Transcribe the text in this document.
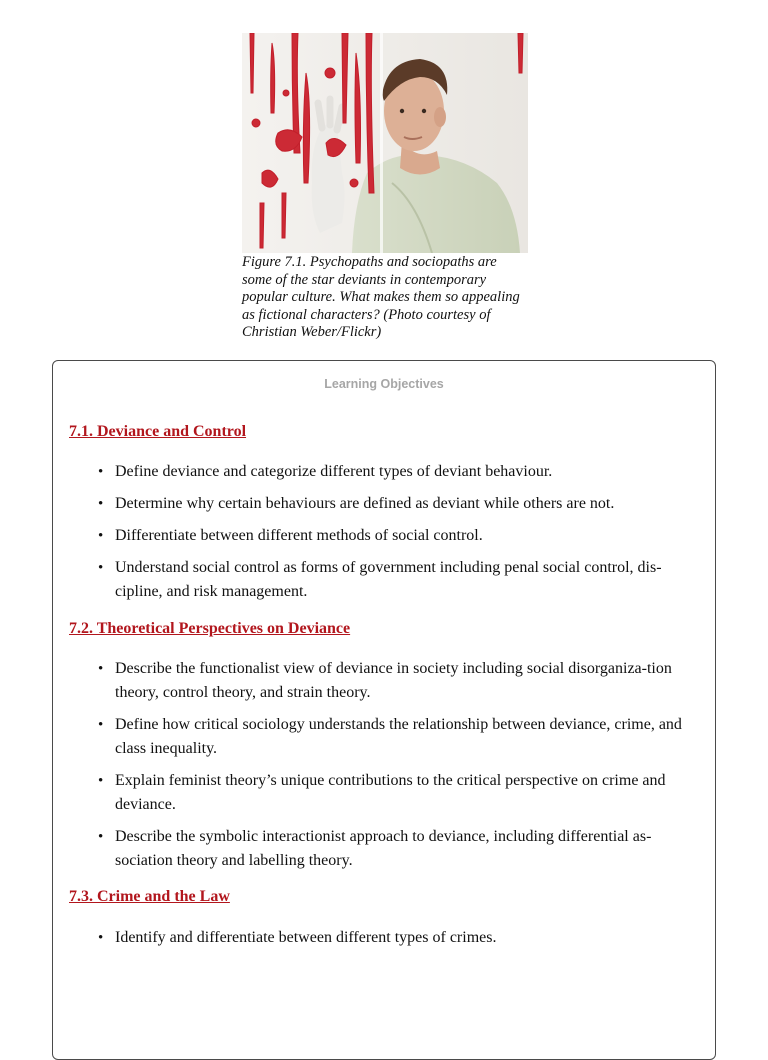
Figure 7.1. Psychopaths and sociopaths are some of the star deviants in contemporary popular culture. What makes them so appealing as fictional characters? (Photo courtesy of Christian Weber/Flickr)
Learning Objectives
7.1. Deviance and Control
• Define deviance and categorize different types of deviant behaviour.
• Determine why certain behaviours are defined as deviant while others are not.
• Differentiate between different methods of social control.
• Understand social control as forms of government including penal social control, dis-cipline, and risk management.
7.2. Theoretical Perspectives on Deviance
• Describe the functionalist view of deviance in society including social disorganiza-tion theory, control theory, and strain theory.
• Define how critical sociology understands the relationship between deviance, crime, and class inequality.
• Explain feminist theory’s unique contributions to the critical perspective on crime and deviance.
• Describe the symbolic interactionist approach to deviance, including differential as-sociation theory and labelling theory.
7.3. Crime and the Law
• Identify and differentiate between different types of crimes.
